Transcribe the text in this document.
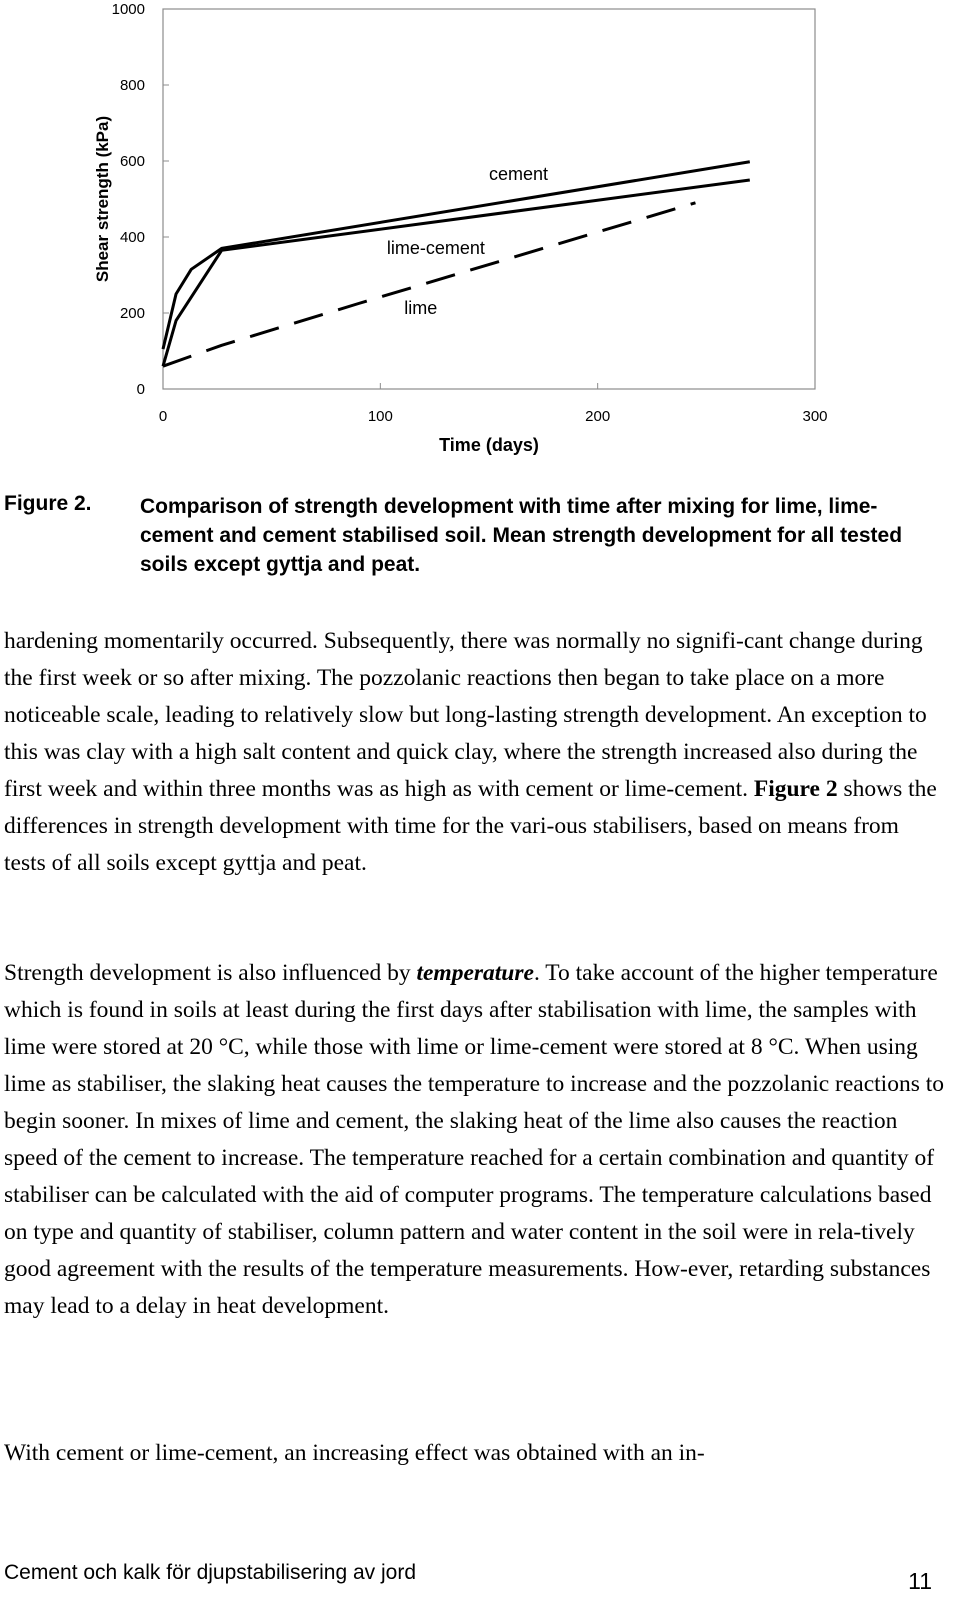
0
200
400
600
800
1000
0	100	200	300
cement
lime-cement
lime
Shear strength (kPa)
Time (days)
Figure 2. Comparison of strength development with time after mixing for lime, lime-cement and cement stabilised soil. Mean strength development for all tested soils except gyttja and peat.

hardening momentarily occurred. Subsequently, there was normally no signifi-cant change during the first week or so after mixing. The pozzolanic reactions then began to take place on a more noticeable scale, leading to relatively slow but long-lasting strength development. An exception to this was clay with a high salt content and quick clay, where the strength increased also during the first week and within three months was as high as with cement or lime-cement. Figure 2 shows the differences in strength development with time for the vari-ous stabilisers, based on means from tests of all soils except gyttja and peat.

Strength development is also influenced by temperature. To take account of the higher temperature which is found in soils at least during the first days after stabilisation with lime, the samples with lime were stored at 20 °C, while those with lime or lime-cement were stored at 8 °C. When using lime as stabiliser, the slaking heat causes the temperature to increase and the pozzolanic reactions to begin sooner. In mixes of lime and cement, the slaking heat of the lime also causes the reaction speed of the cement to increase. The temperature reached for a certain combination and quantity of stabiliser can be calculated with the aid of computer programs. The temperature calculations based on type and quantity of stabiliser, column pattern and water content in the soil were in rela-tively good agreement with the results of the temperature measurements. How-ever, retarding substances may lead to a delay in heat development.

With cement or lime-cement, an increasing effect was obtained with an in-

Cement och kalk för djupstabilisering av jord	11
